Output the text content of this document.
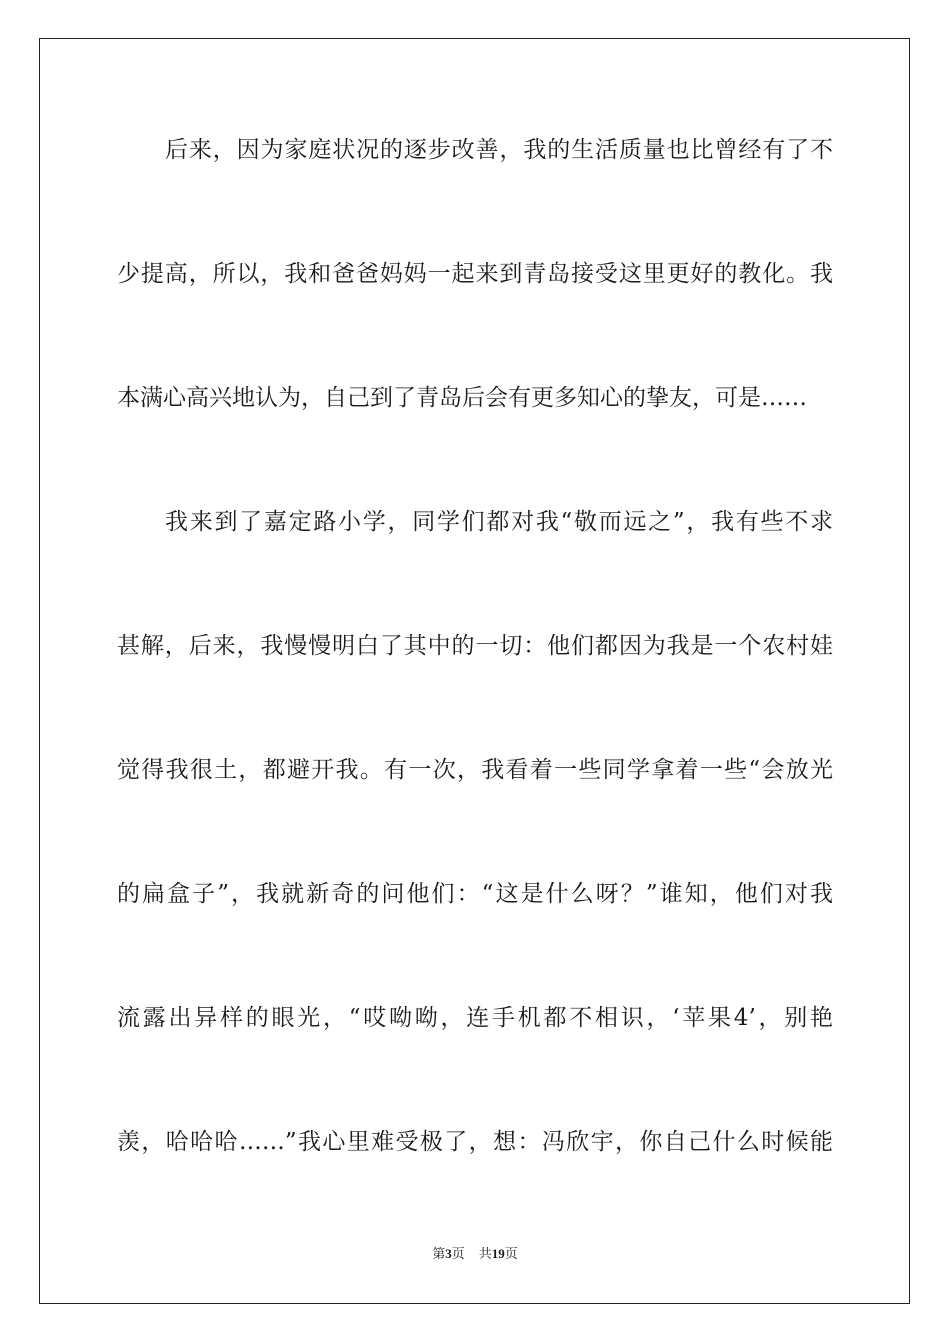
后来，因为家庭状况的逐步改善，我的生活质量也比曾经有了不
少提高，所以，我和爸爸妈妈一起来到青岛接受这里更好的教化。我
本满心高兴地认为，自己到了青岛后会有更多知心的挚友，可是……
我来到了嘉定路小学，同学们都对我“敬而远之”，我有些不求
甚解，后来，我慢慢明白了其中的一切：他们都因为我是一个农村娃
觉得我很土，都避开我。有一次，我看着一些同学拿着一些“会放光
的扁盒子”，我就新奇的问他们：“这是什么呀？”谁知，他们对我
流露出异样的眼光，“哎呦呦，连手机都不相识，‘苹果4’，别艳
羡，哈哈哈……”我心里难受极了，想：冯欣宇，你自己什么时候能
第3页 共19页
